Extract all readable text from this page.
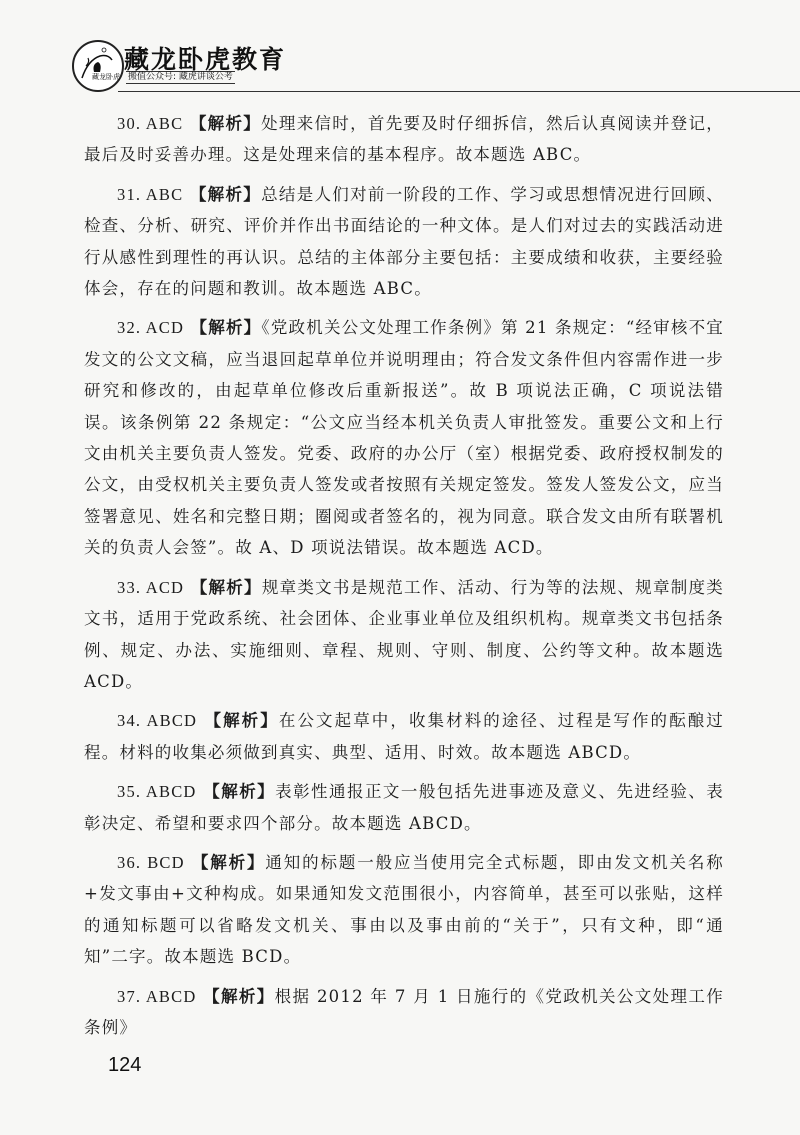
藏龙卧虎
藏龙卧虎教育
搬值公众号: 藏虎讲谈公考

30. ABC 【解析】处理来信时，首先要及时仔细拆信，然后认真阅读并登记，最后及时妥善办理。这是处理来信的基本程序。故本题选 ABC。

31. ABC 【解析】总结是人们对前一阶段的工作、学习或思想情况进行回顾、检查、分析、研究、评价并作出书面结论的一种文体。是人们对过去的实践活动进行从感性到理性的再认识。总结的主体部分主要包括：主要成绩和收获，主要经验体会，存在的问题和教训。故本题选 ABC。

32. ACD 【解析】《党政机关公文处理工作条例》第 21 条规定：“经审核不宜发文的公文文稿，应当退回起草单位并说明理由；符合发文条件但内容需作进一步研究和修改的，由起草单位修改后重新报送”。故 B 项说法正确，C 项说法错误。该条例第 22 条规定：“公文应当经本机关负责人审批签发。重要公文和上行文由机关主要负责人签发。党委、政府的办公厅（室）根据党委、政府授权制发的公文，由受权机关主要负责人签发或者按照有关规定签发。签发人签发公文，应当签署意见、姓名和完整日期；圈阅或者签名的，视为同意。联合发文由所有联署机关的负责人会签”。故 A、D 项说法错误。故本题选 ACD。

33. ACD 【解析】规章类文书是规范工作、活动、行为等的法规、规章制度类文书，适用于党政系统、社会团体、企业事业单位及组织机构。规章类文书包括条例、规定、办法、实施细则、章程、规则、守则、制度、公约等文种。故本题选 ACD。

34. ABCD 【解析】在公文起草中，收集材料的途径、过程是写作的酝酿过程。材料的收集必须做到真实、典型、适用、时效。故本题选 ABCD。

35. ABCD 【解析】表彰性通报正文一般包括先进事迹及意义、先进经验、表彰决定、希望和要求四个部分。故本题选 ABCD。

36. BCD 【解析】通知的标题一般应当使用完全式标题，即由发文机关名称+发文事由+文种构成。如果通知发文范围很小，内容简单，甚至可以张贴，这样的通知标题可以省略发文机关、事由以及事由前的“关于”，只有文种，即“通知”二字。故本题选 BCD。

37. ABCD 【解析】根据 2012 年 7 月 1 日施行的《党政机关公文处理工作条例》

124
